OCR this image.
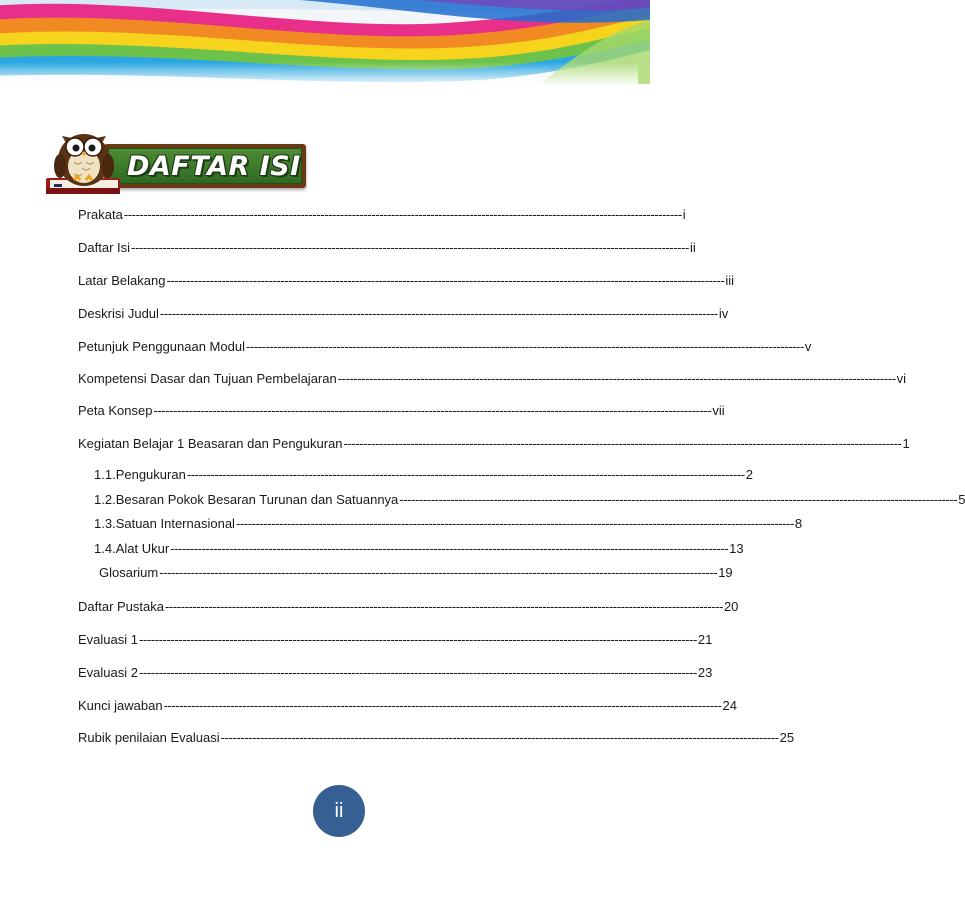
DAFTAR ISI
Prakata ---------------------------------------------------------------------------------------------------------------------------------------------- i
Daftar Isi ---------------------------------------------------------------------------------------------------------------------------------------------- ii
Latar Belakang ---------------------------------------------------------------------------------------------------------------------------------------------- iii
Deskrisi Judul ---------------------------------------------------------------------------------------------------------------------------------------------- iv
Petunjuk Penggunaan Modul ---------------------------------------------------------------------------------------------------------------------------------------------- v
Kompetensi Dasar dan Tujuan Pembelajaran ---------------------------------------------------------------------------------------------------------------------------------------------- vi
Peta Konsep ---------------------------------------------------------------------------------------------------------------------------------------------- vii
Kegiatan Belajar 1 Beasaran dan Pengukuran ---------------------------------------------------------------------------------------------------------------------------------------------- 1
1.1. Pengukuran ---------------------------------------------------------------------------------------------------------------------------------------------- 2
1.2. Besaran Pokok Besaran Turunan dan Satuannya ---------------------------------------------------------------------------------------------------------------------------------------------- 5
1.3. Satuan Internasional ---------------------------------------------------------------------------------------------------------------------------------------------- 8
1.4. Alat Ukur ---------------------------------------------------------------------------------------------------------------------------------------------- 13
Glosarium ---------------------------------------------------------------------------------------------------------------------------------------------- 19
Daftar Pustaka ---------------------------------------------------------------------------------------------------------------------------------------------- 20
Evaluasi 1 ---------------------------------------------------------------------------------------------------------------------------------------------- 21
Evaluasi 2 ---------------------------------------------------------------------------------------------------------------------------------------------- 23
Kunci jawaban ---------------------------------------------------------------------------------------------------------------------------------------------- 24
Rubik penilaian Evaluasi ---------------------------------------------------------------------------------------------------------------------------------------------- 25
ii
